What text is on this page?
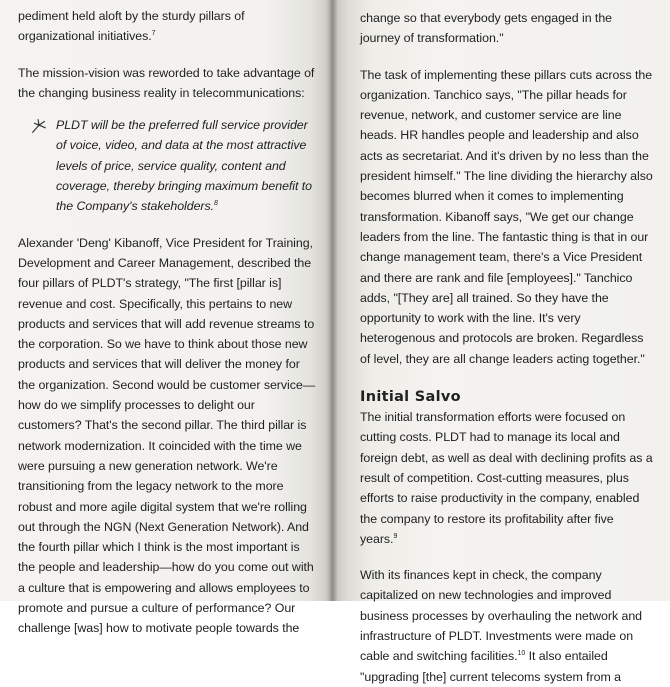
pediment held aloft by the sturdy pillars of organizational initiatives.$^7$

The mission-vision was reworded to take advantage of the changing business reality in telecommunications:

PLDT will be the preferred full service provider of voice, video, and data at the most attractive levels of price, service quality, content and coverage, thereby bringing maximum benefit to the Company's stakeholders.$^8$

Alexander 'Deng' Kibanoff, Vice President for Training, Development and Career Management, described the four pillars of PLDT's strategy, "The first [pillar is] revenue and cost. Specifically, this pertains to new products and services that will add revenue streams to the corporation. So we have to think about those new products and services that will deliver the money for the organization. Second would be customer service—how do we simplify processes to delight our customers? That's the second pillar. The third pillar is network modernization. It coincided with the time we were pursuing a new generation network. We're transitioning from the legacy network to the more robust and more agile digital system that we're rolling out through the NGN (Next Generation Network). And the fourth pillar which I think is the most important is the people and leadership—how do you come out with a culture that is empowering and allows employees to promote and pursue a culture of performance? Our challenge [was] how to motivate people towards the

change so that everybody gets engaged in the journey of transformation."

The task of implementing these pillars cuts across the organization. Tanchico says, "The pillar heads for revenue, network, and customer service are line heads. HR handles people and leadership and also acts as secretariat. And it's driven by no less than the president himself." The line dividing the hierarchy also becomes blurred when it comes to implementing transformation. Kibanoff says, "We get our change leaders from the line. The fantastic thing is that in our change management team, there's a Vice President and there are rank and file [employees]." Tanchico adds, "[They are] all trained. So they have the opportunity to work with the line. It's very heterogenous and protocols are broken. Regardless of level, they are all change leaders acting together."

Initial Salvo

The initial transformation efforts were focused on cutting costs. PLDT had to manage its local and foreign debt, as well as deal with declining profits as a result of competition. Cost-cutting measures, plus efforts to raise productivity in the company, enabled the company to restore its profitability after five years.$^9$

With its finances kept in check, the company capitalized on new technologies and improved business processes by overhauling the network and infrastructure of PLDT. Investments were made on cable and switching facilities.$^{10}$ It also entailed "upgrading [the] current telecoms system from a
